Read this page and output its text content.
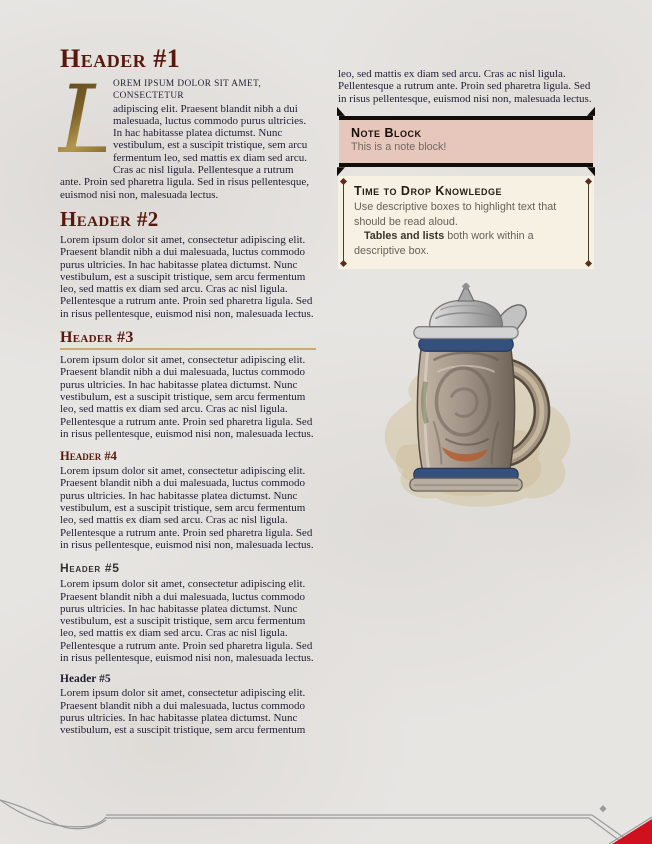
Header #1

L
OREM IPSUM DOLOR SIT AMET, CONSECTETUR
adipiscing elit. Praesent blandit nibh a dui malesuada, luctus commodo purus ultricies. In hac habitasse platea dictumst. Nunc vestibulum, est a suscipit tristique, sem arcu fermentum leo, sed mattis ex diam sed arcu. Cras ac nisl ligula. Pellentesque a rutrum ante. Proin sed pharetra ligula. Sed in risus pellentesque, euismod nisi non, malesuada lectus.

Header #2

Lorem ipsum dolor sit amet, consectetur adipiscing elit. Praesent blandit nibh a dui malesuada, luctus commodo purus ultricies. In hac habitasse platea dictumst. Nunc vestibulum, est a suscipit tristique, sem arcu fermentum leo, sed mattis ex diam sed arcu. Cras ac nisl ligula. Pellentesque a rutrum ante. Proin sed pharetra ligula. Sed in risus pellentesque, euismod nisi non, malesuada lectus.

Header #3

Lorem ipsum dolor sit amet, consectetur adipiscing elit. Praesent blandit nibh a dui malesuada, luctus commodo purus ultricies. In hac habitasse platea dictumst. Nunc vestibulum, est a suscipit tristique, sem arcu fermentum leo, sed mattis ex diam sed arcu. Cras ac nisl ligula. Pellentesque a rutrum ante. Proin sed pharetra ligula. Sed in risus pellentesque, euismod nisi non, malesuada lectus.

Header #4

Lorem ipsum dolor sit amet, consectetur adipiscing elit. Praesent blandit nibh a dui malesuada, luctus commodo purus ultricies. In hac habitasse platea dictumst. Nunc vestibulum, est a suscipit tristique, sem arcu fermentum leo, sed mattis ex diam sed arcu. Cras ac nisl ligula. Pellentesque a rutrum ante. Proin sed pharetra ligula. Sed in risus pellentesque, euismod nisi non, malesuada lectus.

Header #5

Lorem ipsum dolor sit amet, consectetur adipiscing elit. Praesent blandit nibh a dui malesuada, luctus commodo purus ultricies. In hac habitasse platea dictumst. Nunc vestibulum, est a suscipit tristique, sem arcu fermentum leo, sed mattis ex diam sed arcu. Cras ac nisl ligula. Pellentesque a rutrum ante. Proin sed pharetra ligula. Sed in risus pellentesque, euismod nisi non, malesuada lectus.

Header #5

Lorem ipsum dolor sit amet, consectetur adipiscing elit. Praesent blandit nibh a dui malesuada, luctus commodo purus ultricies. In hac habitasse platea dictumst. Nunc vestibulum, est a suscipit tristique, sem arcu fermentum

leo, sed mattis ex diam sed arcu. Cras ac nisl ligula. Pellentesque a rutrum ante. Proin sed pharetra ligula. Sed in risus pellentesque, euismod nisi non, malesuada lectus.

Note Block
This is a note block!
Time to Drop Knowledge
Use descriptive boxes to highlight text that should be read aloud.
Tables and lists both work within a descriptive box.
